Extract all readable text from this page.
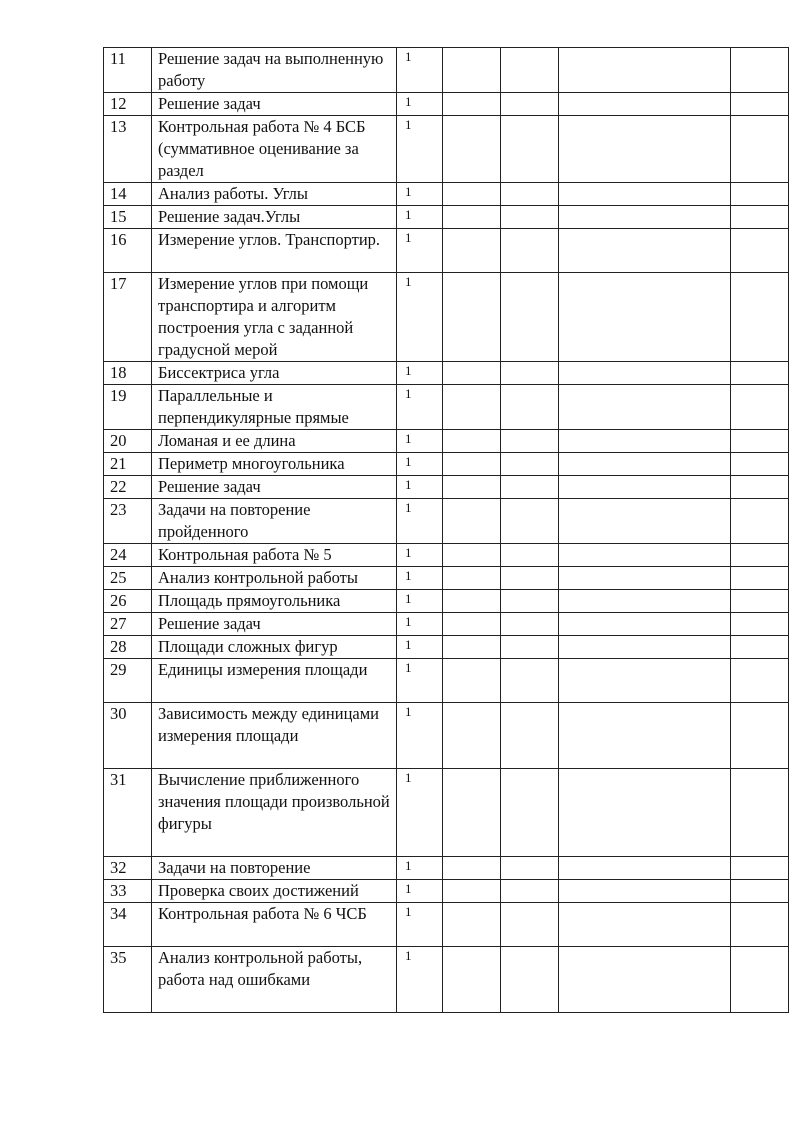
11	Решение задач на выполненную работу	1				
12	Решение задач	1				
13	Контрольная работа № 4 БСБ (суммативное оценивание за раздел	1				
14	Анализ работы. Углы	1				
15	Решение задач.Углы	1				
16	Измерение углов. Транспортир.	1				
17	Измерение углов при помощи транспортира и алгоритм построения угла с заданной градусной мерой	1				
18	Биссектриса угла	1				
19	Параллельные и перпендикулярные прямые	1				
20	Ломаная и ее длина	1				
21	Периметр многоугольника	1				
22	Решение задач	1				
23	Задачи на повторение пройденного	1				
24	Контрольная работа № 5	1				
25	Анализ контрольной работы	1				
26	Площадь прямоугольника	1				
27	Решение задач	1				
28	Площади сложных фигур	1				
29	Единицы измерения площади	1				
30	Зависимость между единицами измерения площади	1				
31	Вычисление приближенного значения площади произвольной фигуры	1				
32	Задачи на повторение	1				
33	Проверка своих достижений	1				
34	Контрольная работа № 6 ЧСБ	1				
35	Анализ контрольной работы, работа над ошибками	1				
